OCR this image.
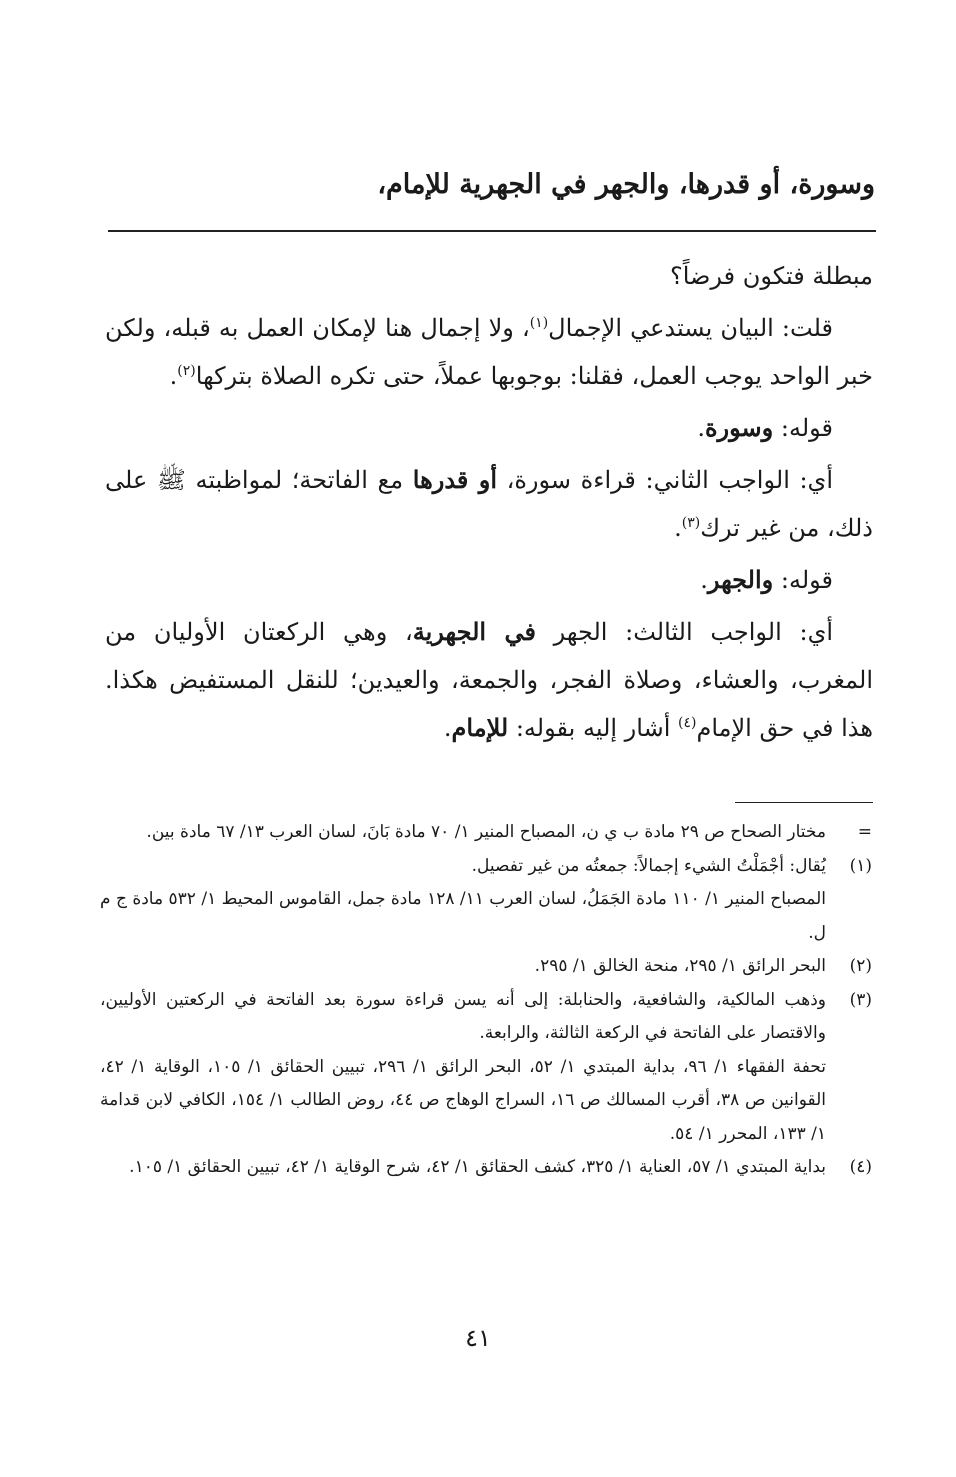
وسورة، أو قدرها، والجهر في الجهرية للإمام،

مبطلة فتكون فرضاً؟

قلت: البيان يستدعي الإجمال$^{(١)}$، ولا إجمال هنا لإمكان العمل به قبله، ولكن خبر الواحد يوجب العمل، فقلنا: بوجوبها عملاً، حتى تكره الصلاة بتركها$^{(٢)}$.

قوله: وسورة.

أي: الواجب الثاني: قراءة سورة، أو قدرها مع الفاتحة؛ لمواظبته ﷺ على ذلك، من غير ترك$^{(٣)}$.

قوله: والجهر.

أي: الواجب الثالث: الجهر في الجهرية، وهي الركعتان الأوليان من المغرب، والعشاء، وصلاة الفجر، والجمعة، والعيدين؛ للنقل المستفيض هكذا. هذا في حق الإمام$^{(٤)}$ أشار إليه بقوله: للإمام.

=

مختار الصحاح ص ٢٩ مادة ب ي ن، المصباح المنير ١/ ٧٠ مادة بَانَ، لسان العرب ١٣/ ٦٧ مادة بين.

(١)

يُقال: أجْمَلْتُ الشيء إجمالاً: جمعتُه من غير تفصيل.

المصباح المنير ١/ ١١٠ مادة الجَمَلُ، لسان العرب ١١/ ١٢٨ مادة جمل، القاموس المحيط ١/ ٥٣٢ مادة ج م ل.

(٢)

البحر الرائق ١/ ٢٩٥، منحة الخالق ١/ ٢٩٥.

(٣)

وذهب المالكية، والشافعية، والحنابلة: إلى أنه يسن قراءة سورة بعد الفاتحة في الركعتين الأوليين، والاقتصار على الفاتحة في الركعة الثالثة، والرابعة.

تحفة الفقهاء ١/ ٩٦، بداية المبتدي ١/ ٥٢، البحر الرائق ١/ ٢٩٦، تبيين الحقائق ١/ ١٠٥، الوقاية ١/ ٤٢، القوانين ص ٣٨، أقرب المسالك ص ١٦، السراج الوهاج ص ٤٤، روض الطالب ١/ ١٥٤، الكافي لابن قدامة ١/ ١٣٣، المحرر ١/ ٥٤.

(٤)

بداية المبتدي ١/ ٥٧، العناية ١/ ٣٢٥، كشف الحقائق ١/ ٤٢، شرح الوقاية ١/ ٤٢، تبيين الحقائق ١/ ١٠٥.

٤١
